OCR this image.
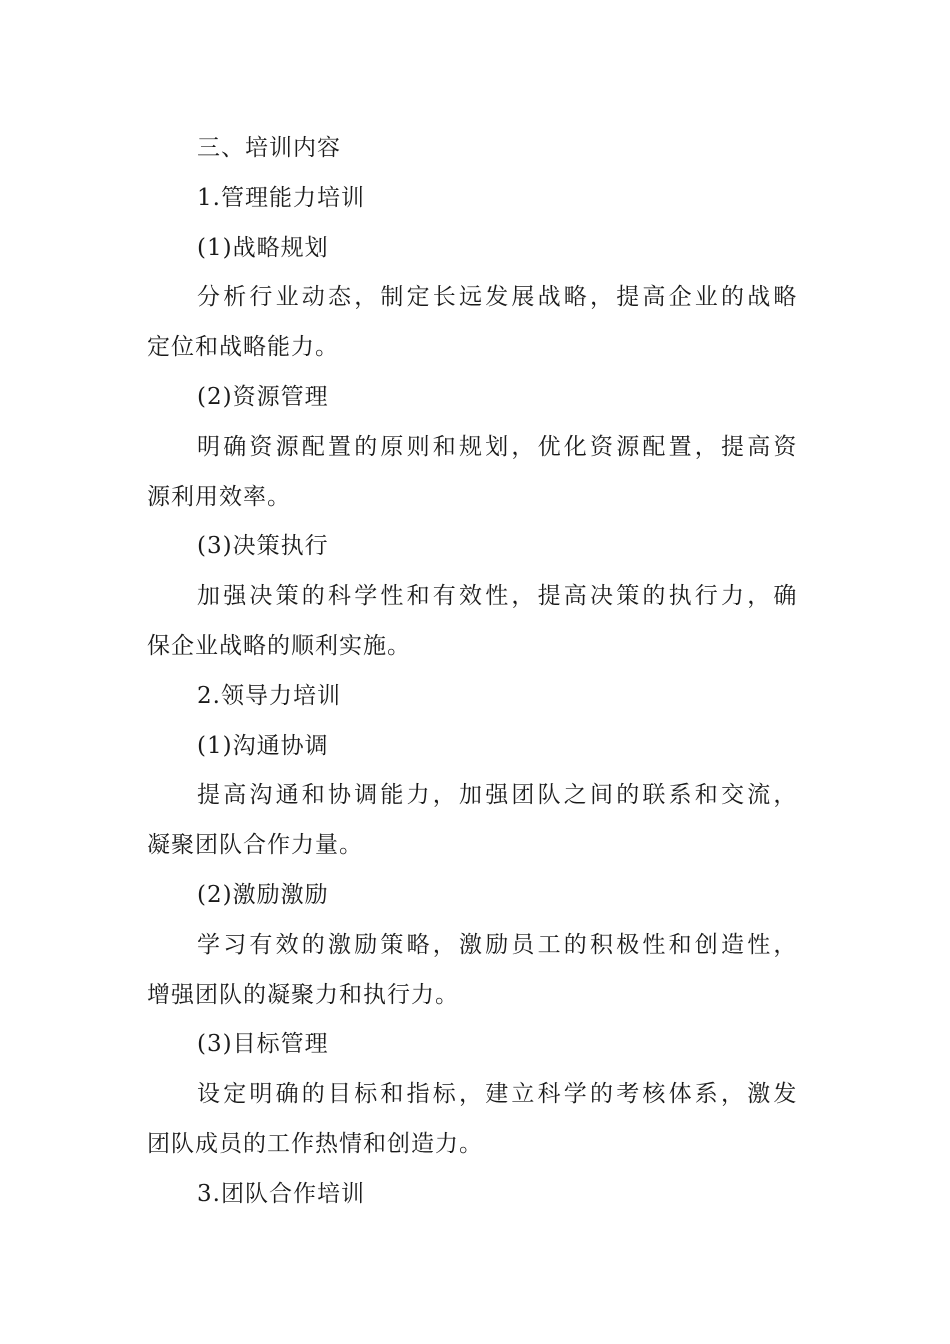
三、培训内容
1.管理能力培训
(1)战略规划
分析行业动态，制定长远发展战略，提高企业的战略
定位和战略能力。
(2)资源管理
明确资源配置的原则和规划，优化资源配置，提高资
源利用效率。
(3)决策执行
加强决策的科学性和有效性，提高决策的执行力，确
保企业战略的顺利实施。
2.领导力培训
(1)沟通协调
提高沟通和协调能力，加强团队之间的联系和交流，
凝聚团队合作力量。
(2)激励激励
学习有效的激励策略，激励员工的积极性和创造性，
增强团队的凝聚力和执行力。
(3)目标管理
设定明确的目标和指标，建立科学的考核体系，激发
团队成员的工作热情和创造力。
3.团队合作培训
